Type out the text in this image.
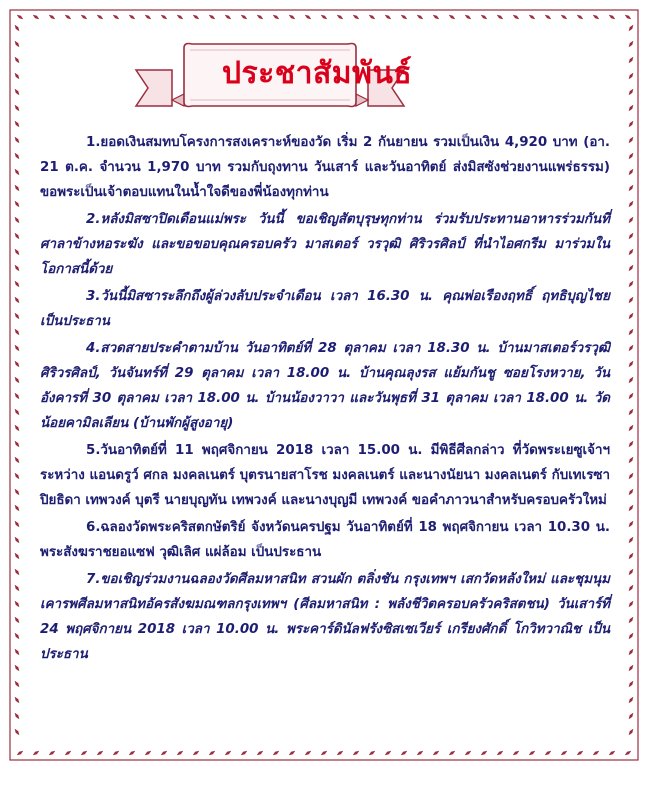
ประชาสัมพันธ์

1.ยอดเงินสมทบโครงการสงเคราะห์ของวัด เริ่ม 2 กันยายน รวมเป็นเงิน 4,920 บาท (อา. 21 ต.ค. จำนวน 1,970 บาท รวมกับถุงทาน วันเสาร์ และวันอาทิตย์ ส่งมิสซังช่วยงานแพร่ธรรม) ขอพระเป็นเจ้าตอบแทนในน้ำใจดีของพี่น้องทุกท่าน

2.หลังมิสซาปิดเดือนแม่พระ วันนี้ ขอเชิญสัตบุรุษทุกท่าน ร่วมรับประทานอาหารร่วมกันที่ศาลาข้างหอระฆัง และขอขอบคุณครอบครัว มาสเตอร์ วรวุฒิ ศิริวรศิลป์ ที่นำไอศกรีม มาร่วมในโอกาสนี้ด้วย

3.วันนี้มิสซาระลึกถึงผู้ล่วงลับประจำเดือน เวลา 16.30 น. คุณพ่อเรืองฤทธิ์ ฤทธิบุญไชย เป็นประธาน

4.สวดสายประคำตามบ้าน วันอาทิตย์ที่ 28 ตุลาคม เวลา 18.30 น. บ้านมาสเตอร์วรวุฒิ ศิริวรศิลป์, วันจันทร์ที่ 29 ตุลาคม เวลา 18.00 น. บ้านคุณลุงรส แย้มกันชู ซอยโรงหวาย, วันอังคารที่ 30 ตุลาคม เวลา 18.00 น. บ้านน้องวาวา และวันพุธที่ 31 ตุลาคม เวลา 18.00 น. วัดน้อยคามิลเลียน (บ้านพักผู้สูงอายุ)

5.วันอาทิตย์ที่ 11 พฤศจิกายน 2018 เวลา 15.00 น. มีพิธีศีลกล่าว ที่วัดพระเยซูเจ้าฯ ระหว่าง แอนดรูว์ ศกล มงคลเนตร์ บุตรนายสาโรช มงคลเนตร์ และนางนัยนา มงคลเนตร์ กับเทเรซา ปิยธิดา เทพวงค์ บุตรี นายบุญทัน เทพวงค์ และนางบุญมี เทพวงค์ ขอคำภาวนาสำหรับครอบครัวใหม่

6.ฉลองวัดพระคริสตกษัตริย์ จังหวัดนครปฐม วันอาทิตย์ที่ 18 พฤศจิกายน เวลา 10.30 น. พระสังฆราชยอแซฟ วุฒิเลิศ แผ่ล้อม เป็นประธาน

7.ขอเชิญร่วมงานฉลองวัดศีลมหาสนิท สวนผัก ตลิ่งชัน กรุงเทพฯ เสกวัดหลังใหม่ และชุมนุมเคารพศีลมหาสนิทอัครสังฆมณฑลกรุงเทพฯ (ศีลมหาสนิท : พลังชีวิตครอบครัวคริสตชน) วันเสาร์ที่ 24 พฤศจิกายน 2018 เวลา 10.00 น. พระคาร์ดินัลฟรังซิสเซเวียร์ เกรียงศักดิ์ โกวิทวาณิช เป็นประธาน
